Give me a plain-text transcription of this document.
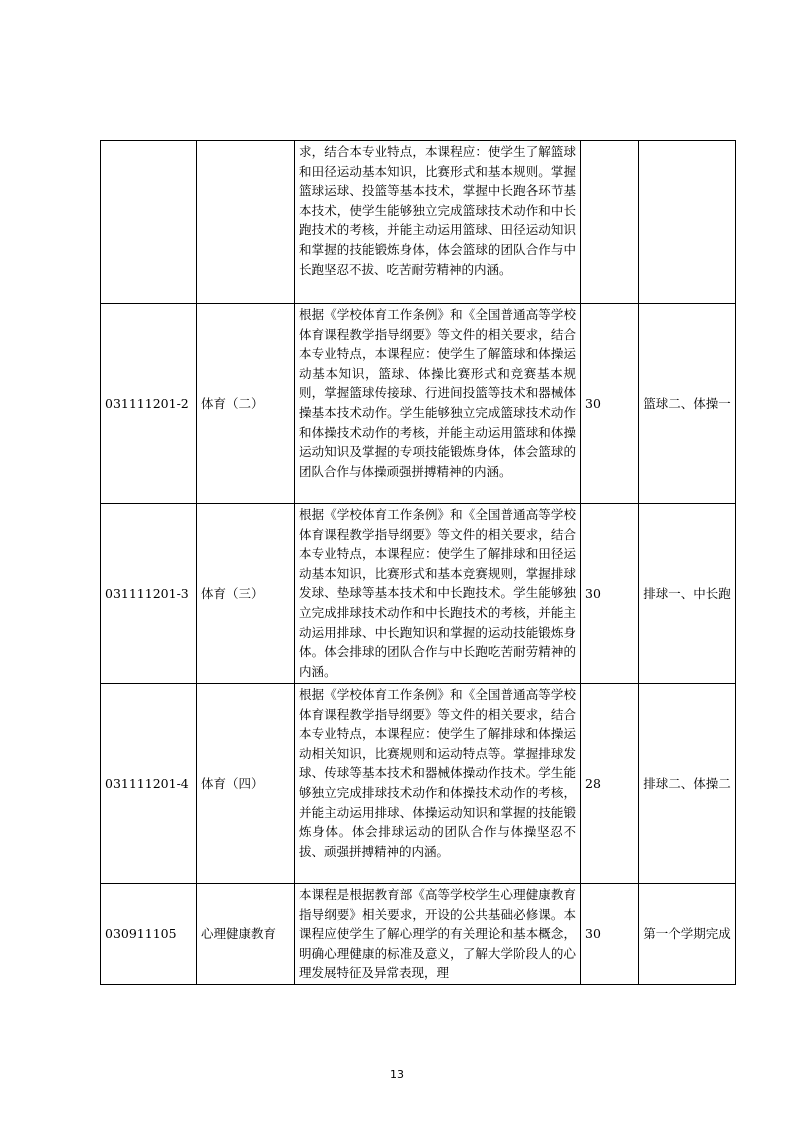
		求，结合本专业特点，本课程应：使学生了解篮球和田径运动基本知识，比赛形式和基本规则。掌握篮球运球、投篮等基本技术，掌握中长跑各环节基本技术，使学生能够独立完成篮球技术动作和中长跑技术的考核，并能主动运用篮球、田径运动知识和掌握的技能锻炼身体，体会篮球的团队合作与中长跑坚忍不拔、吃苦耐劳精神的内涵。		
031111201-2	体育（二）	根据《学校体育工作条例》和《全国普通高等学校体育课程教学指导纲要》等文件的相关要求，结合本专业特点，本课程应：使学生了解篮球和体操运动基本知识，篮球、体操比赛形式和竞赛基本规则，掌握篮球传接球、行进间投篮等技术和器械体操基本技术动作。学生能够独立完成篮球技术动作和体操技术动作的考核，并能主动运用篮球和体操运动知识及掌握的专项技能锻炼身体，体会篮球的团队合作与体操顽强拼搏精神的内涵。	30	篮球二、体操一
031111201-3	体育（三）	根据《学校体育工作条例》和《全国普通高等学校体育课程教学指导纲要》等文件的相关要求，结合本专业特点，本课程应：使学生了解排球和田径运动基本知识，比赛形式和基本竞赛规则，掌握排球发球、垫球等基本技术和中长跑技术。学生能够独立完成排球技术动作和中长跑技术的考核，并能主动运用排球、中长跑知识和掌握的运动技能锻炼身体。体会排球的团队合作与中长跑吃苦耐劳精神的内涵。	30	排球一、中长跑
031111201-4	体育（四）	根据《学校体育工作条例》和《全国普通高等学校体育课程教学指导纲要》等文件的相关要求，结合本专业特点，本课程应：使学生了解排球和体操运动相关知识，比赛规则和运动特点等。掌握排球发球、传球等基本技术和器械体操动作技术。学生能够独立完成排球技术动作和体操技术动作的考核，并能主动运用排球、体操运动知识和掌握的技能锻炼身体。体会排球运动的团队合作与体操坚忍不拔、顽强拼搏精神的内涵。	28	排球二、体操二
030911105	心理健康教育	本课程是根据教育部《高等学校学生心理健康教育指导纲要》相关要求，开设的公共基础必修课。本课程应使学生了解心理学的有关理论和基本概念，明确心理健康的标准及意义，了解大学阶段人的心理发展特征及异常表现，理	30	第一个学期完成
13
